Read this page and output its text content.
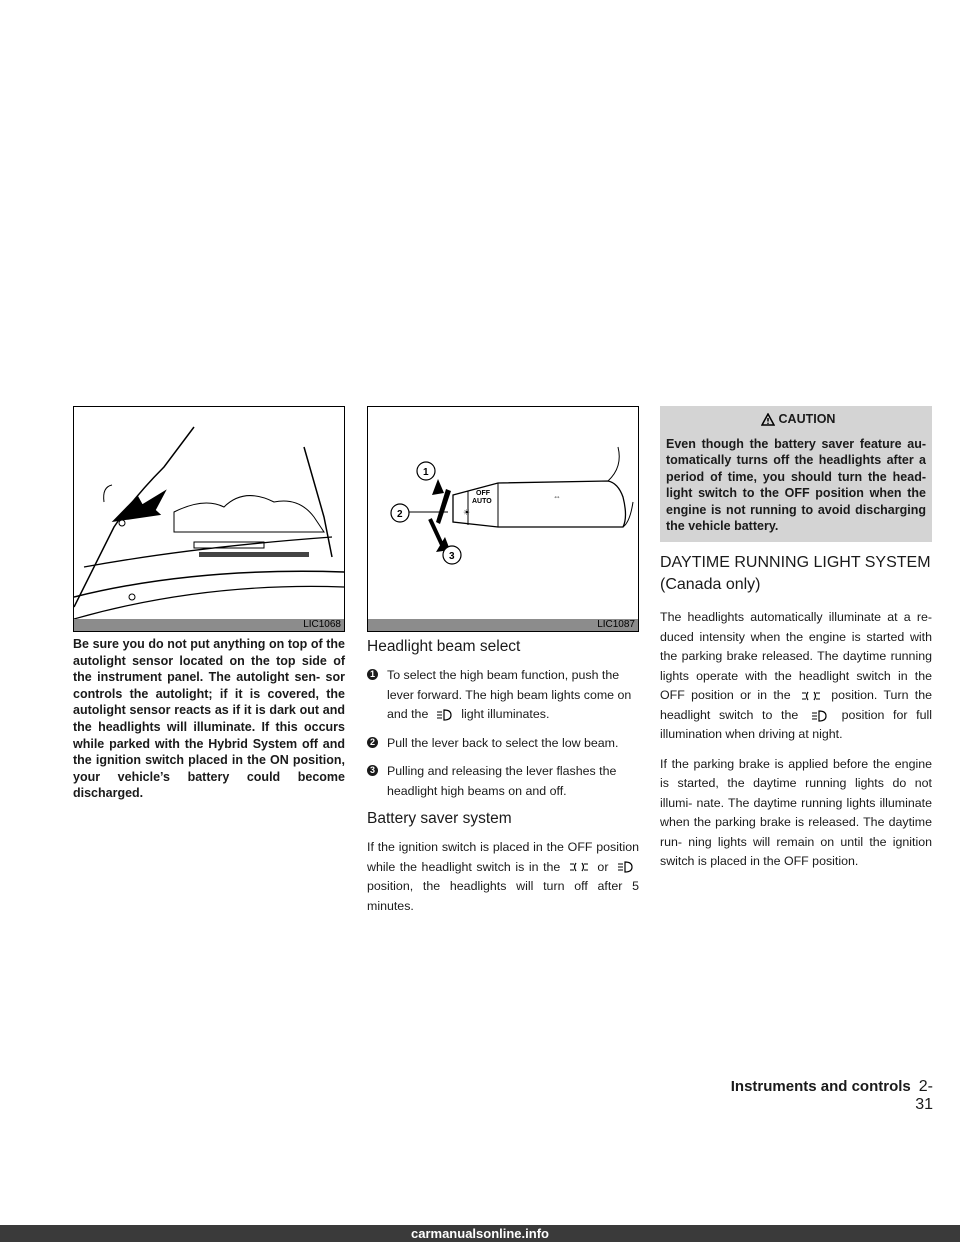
LIC1068

Be sure you do not put anything on top of the autolight sensor located on the top side of the instrument panel. The autolight sen- sor controls the autolight; if it is covered, the autolight sensor reacts as if it is dark out and the headlights will illuminate. If this occurs while parked with the Hybrid System off and the ignition switch placed in the ON position, your vehicle’s battery could become discharged.

OFF
AUTO
☀
⇔
1
2
3
LIC1087
Headlight beam select
1 To select the high beam function, push the lever forward. The high beam lights come on and the	light illuminates.
2 Pull the lever back to select the low beam.
3 Pulling and releasing the lever flashes the headlight high beams on and off.
Battery saver system

If the ignition switch is placed in the OFF position while the headlight switch is in the	or  position, the headlights will turn off after 5 minutes.

CAUTION

Even though the battery saver feature au- tomatically turns off the headlights after a period of time, you should turn the head- light switch to the OFF position when the engine is not running to avoid discharging the vehicle battery.

DAYTIME RUNNING LIGHT SYSTEM (Canada only)

The headlights automatically illuminate at a re- duced intensity when the engine is started with the parking brake released. The daytime running lights operate with the headlight switch in the OFF position or in the	position. Turn the headlight switch to the	position for full illumination when driving at night.

If the parking brake is applied before the engine is started, the daytime running lights do not illumi- nate. The daytime running lights illuminate when the parking brake is released. The daytime run- ning lights will remain on until the ignition switch is placed in the OFF position.

Instruments and controls 2-31
carmanualsonline.info
